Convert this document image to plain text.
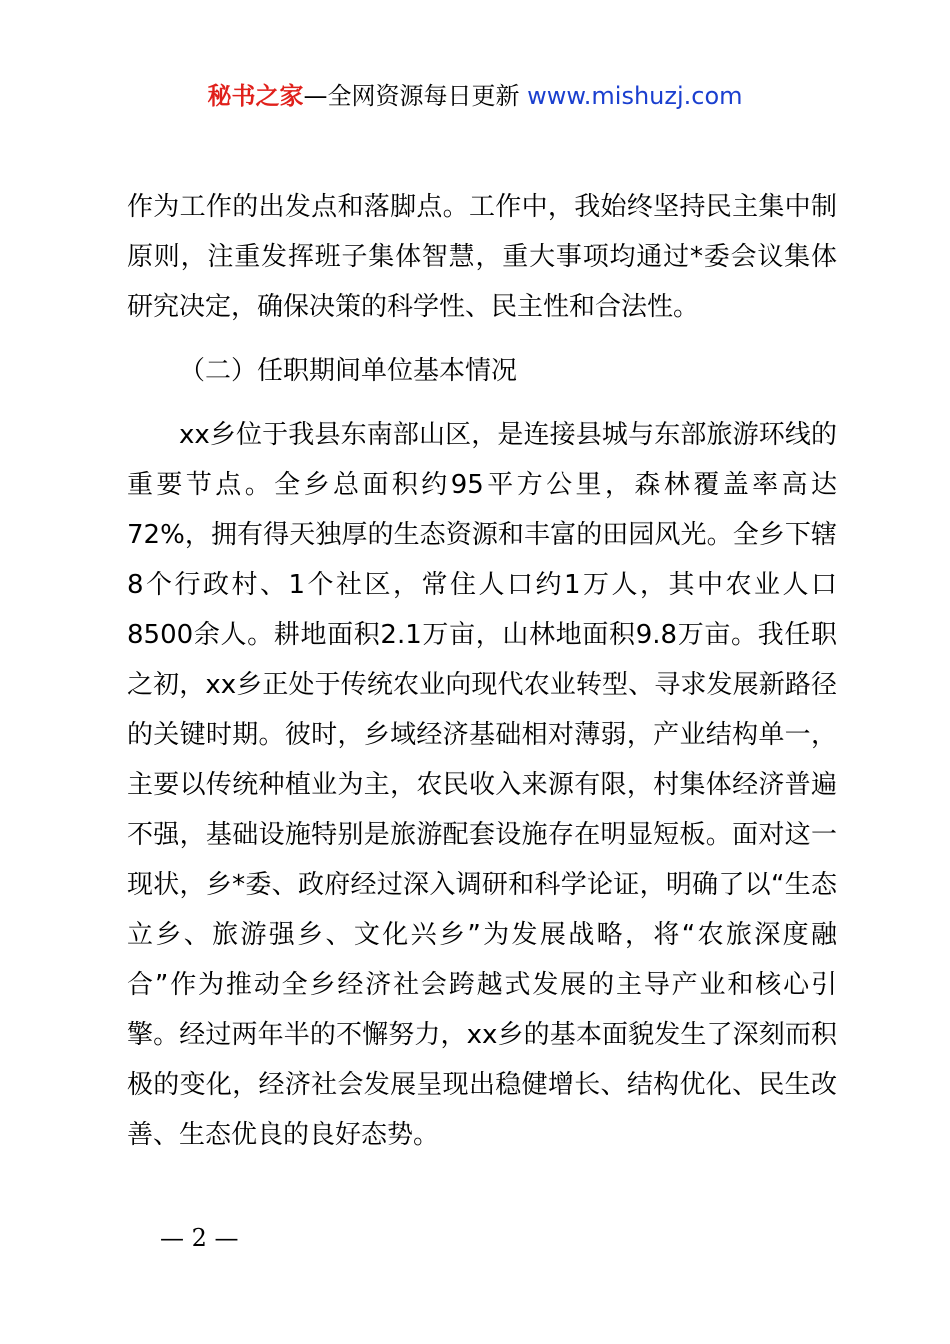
秘书之家—全网资源每日更新 www.mishuzj.com

作为工作的出发点和落脚点。工作中，我始终坚持民主集中制原则，注重发挥班子集体智慧，重大事项均通过*委会议集体研究决定，确保决策的科学性、民主性和合法性。

（二）任职期间单位基本情况

xx乡位于我县东南部山区，是连接县城与东部旅游环线的重要节点。全乡总面积约95平方公里，森林覆盖率高达72%，拥有得天独厚的生态资源和丰富的田园风光。全乡下辖8个行政村、1个社区，常住人口约1万人，其中农业人口8500余人。耕地面积2.1万亩，山林地面积9.8万亩。我任职之初，xx乡正处于传统农业向现代农业转型、寻求发展新路径的关键时期。彼时，乡域经济基础相对薄弱，产业结构单一，主要以传统种植业为主，农民收入来源有限，村集体经济普遍不强，基础设施特别是旅游配套设施存在明显短板。面对这一现状，乡*委、政府经过深入调研和科学论证，明确了以“生态立乡、旅游强乡、文化兴乡”为发展战略，将“农旅深度融合”作为推动全乡经济社会跨越式发展的主导产业和核心引擎。经过两年半的不懈努力，xx乡的基本面貌发生了深刻而积极的变化，经济社会发展呈现出稳健增长、结构优化、民生改善、生态优良的良好态势。

— 2 —
